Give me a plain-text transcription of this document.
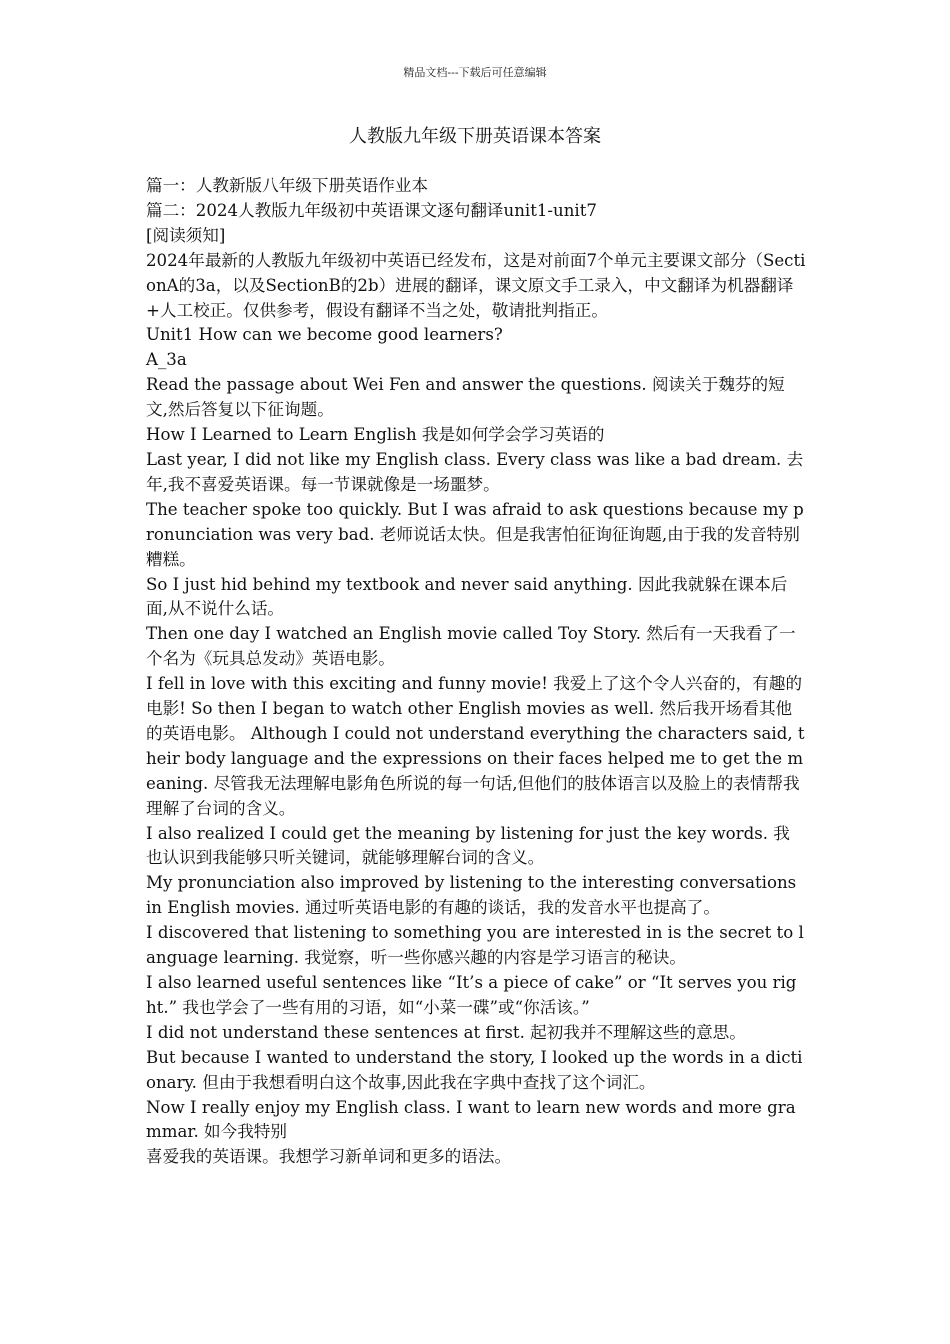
精品文档---下载后可任意编辑
人教版九年级下册英语课本答案

篇一：人教新版八年级下册英语作业本

篇二：2024人教版九年级初中英语课文逐句翻译unit1-unit7

[阅读须知]

2024年最新的人教版九年级初中英语已经发布，这是对前面7个单元主要课文部分（SectionA的3a，以及SectionB的2b）进展的翻译，课文原文手工录入，中文翻译为机器翻译+人工校正。仅供参考，假设有翻译不当之处，敬请批判指正。

Unit1 How can we become good learners?

A_3a

Read the passage about Wei Fen and answer the questions. 阅读关于魏芬的短文,然后答复以下征询题。

How I Learned to Learn English 我是如何学会学习英语的

Last year, I did not like my English class. Every class was like a bad dream. 去年,我不喜爱英语课。每一节课就像是一场噩梦。

The teacher spoke too quickly. But I was afraid to ask questions because my pronunciation was very bad. 老师说话太快。但是我害怕征询征询题,由于我的发音特别糟糕。

So I just hid behind my textbook and never said anything. 因此我就躲在课本后面,从不说什么话。

Then one day I watched an English movie called Toy Story. 然后有一天我看了一个名为《玩具总发动》英语电影。

I fell in love with this exciting and funny movie! 我爱上了这个令人兴奋的，有趣的电影! So then I began to watch other English movies as well. 然后我开场看其他的英语电影。 Although I could not understand everything the characters said, their body language and the expressions on their faces helped me to get the meaning. 尽管我无法理解电影角色所说的每一句话,但他们的肢体语言以及脸上的表情帮我理解了台词的含义。

I also realized I could get the meaning by listening for just the key words. 我也认识到我能够只听关键词，就能够理解台词的含义。

My pronunciation also improved by listening to the interesting conversations in English movies. 通过听英语电影的有趣的谈话，我的发音水平也提高了。

I discovered that listening to something you are interested in is the secret to language learning. 我觉察，听一些你感兴趣的内容是学习语言的秘诀。

I also learned useful sentences like “It’s a piece of cake” or “It serves you right.” 我也学会了一些有用的习语，如“小菜一碟”或“你活该。”

I did not understand these sentences at first. 起初我并不理解这些的意思。

But because I wanted to understand the story, I looked up the words in a dictionary. 但由于我想看明白这个故事,因此我在字典中查找了这个词汇。

Now I really enjoy my English class. I want to learn new words and more grammar. 如今我特别

喜爱我的英语课。我想学习新单词和更多的语法。
